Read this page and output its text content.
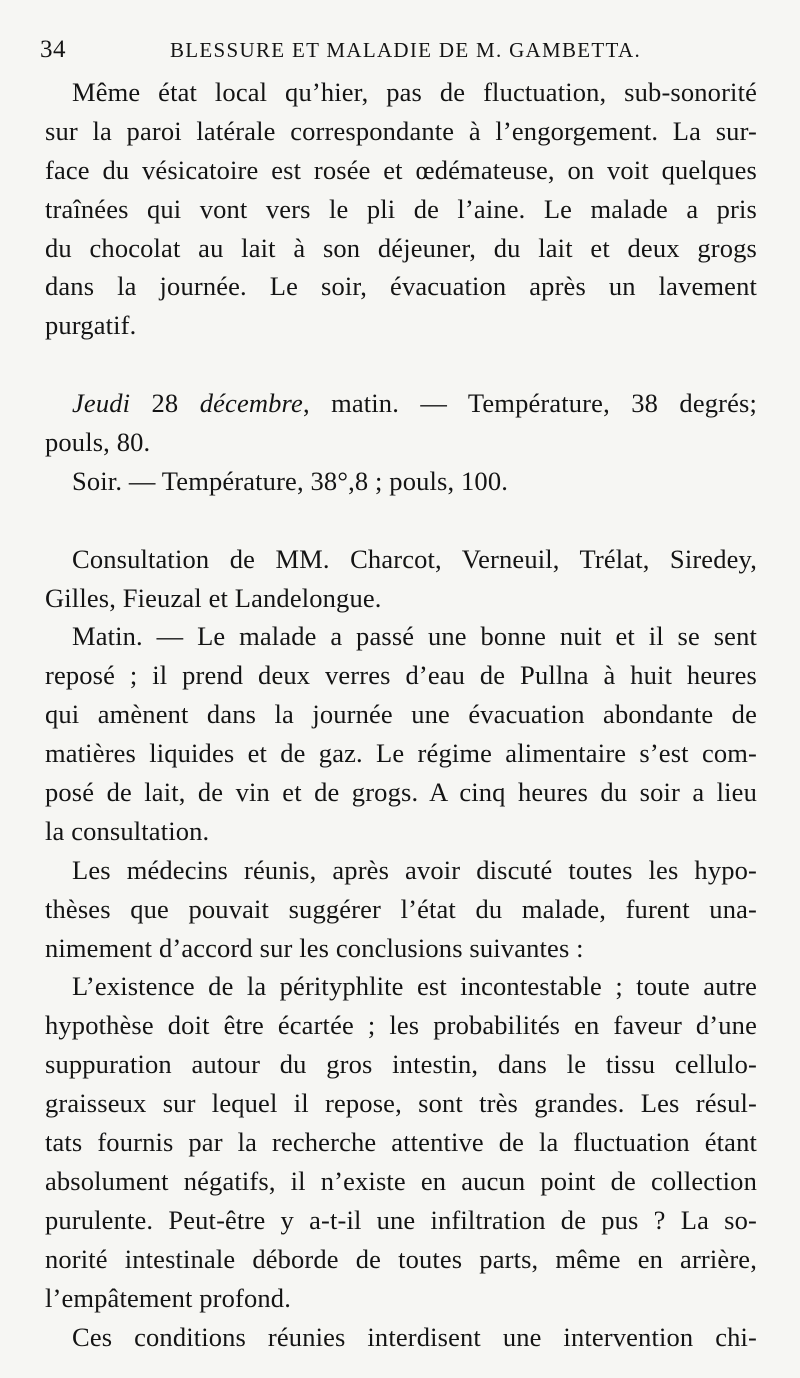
34	BLESSURE ET MALADIE DE M. GAMBETTA.
Même état local qu’hier, pas de fluctuation, sub-sonorité
sur la paroi latérale correspondante à l’engorgement. La sur-
face du vésicatoire est rosée et œdémateuse, on voit quelques
traînées qui vont vers le pli de l’aine. Le malade a pris
du chocolat au lait à son déjeuner, du lait et deux grogs
dans la journée. Le soir, évacuation après un lavement
purgatif.
Jeudi 28 décembre, matin. — Température, 38 degrés;
pouls, 80.
Soir. — Température, 38°,8 ; pouls, 100.
Consultation de MM. Charcot, Verneuil, Trélat, Siredey,
Gilles, Fieuzal et Landelongue.
Matin. — Le malade a passé une bonne nuit et il se sent
reposé ; il prend deux verres d’eau de Pullna à huit heures
qui amènent dans la journée une évacuation abondante de
matières liquides et de gaz. Le régime alimentaire s’est com-
posé de lait, de vin et de grogs. A cinq heures du soir a lieu
la consultation.
Les médecins réunis, après avoir discuté toutes les hypo-
thèses que pouvait suggérer l’état du malade, furent una-
nimement d’accord sur les conclusions suivantes :
L’existence de la pérityphlite est incontestable ; toute autre
hypothèse doit être écartée ; les probabilités en faveur d’une
suppuration autour du gros intestin, dans le tissu cellulo-
graisseux sur lequel il repose, sont très grandes. Les résul-
tats fournis par la recherche attentive de la fluctuation étant
absolument négatifs, il n’existe en aucun point de collection
purulente. Peut-être y a-t-il une infiltration de pus ? La so-
norité intestinale déborde de toutes parts, même en arrière,
l’empâtement profond.
Ces conditions réunies interdisent une intervention chi-
